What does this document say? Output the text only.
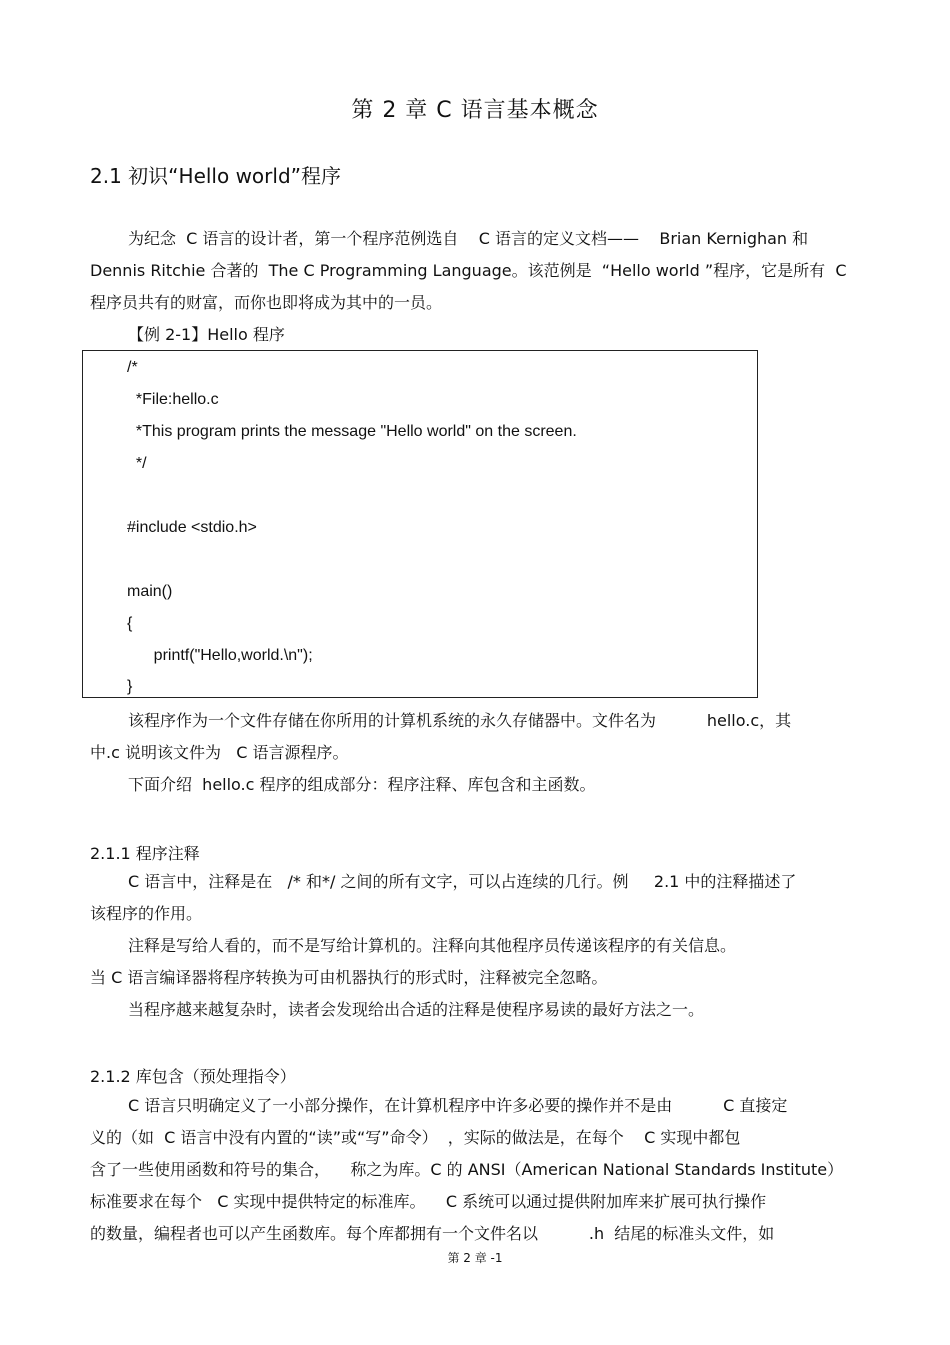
第 2 章 C 语言基本概念
2.1 初识“Hello world”程序
为纪念  C 语言的设计者，第一个程序范例选自    C 语言的定义文档——    Brian Kernighan 和
Dennis Ritchie 合著的  The C Programming Language。该范例是  “Hello world ”程序，它是所有  C
程序员共有的财富，而你也即将成为其中的一员。
【例 2-1】Hello 程序
/*
*File:hello.c
*This program prints the message "Hello world" on the screen.
*/
#include <stdio.h>
main()
{
printf("Hello,world.\n");
}
该程序作为一个文件存储在你所用的计算机系统的永久存储器中。文件名为          hello.c，其
中.c 说明该文件为   C 语言源程序。
下面介绍  hello.c 程序的组成部分：程序注释、库包含和主函数。
2.1.1 程序注释
C 语言中，注释是在   /* 和*/ 之间的所有文字，可以占连续的几行。例     2.1 中的注释描述了
该程序的作用。
注释是写给人看的，而不是写给计算机的。注释向其他程序员传递该程序的有关信息。
当 C 语言编译器将程序转换为可由机器执行的形式时，注释被完全忽略。
当程序越来越复杂时，读者会发现给出合适的注释是使程序易读的最好方法之一。
2.1.2 库包含（预处理指令）
C 语言只明确定义了一小部分操作，在计算机程序中许多必要的操作并不是由          C 直接定
义的（如  C 语言中没有内置的“读”或“写”命令）  ，实际的做法是，在每个    C 实现中都包
含了一些使用函数和符号的集合，    称之为库。C 的 ANSI（American National Standards Institute）
标准要求在每个   C 实现中提供特定的标准库。    C 系统可以通过提供附加库来扩展可执行操作
的数量，编程者也可以产生函数库。每个库都拥有一个文件名以          .h  结尾的标准头文件，如
第 2 章 -1
